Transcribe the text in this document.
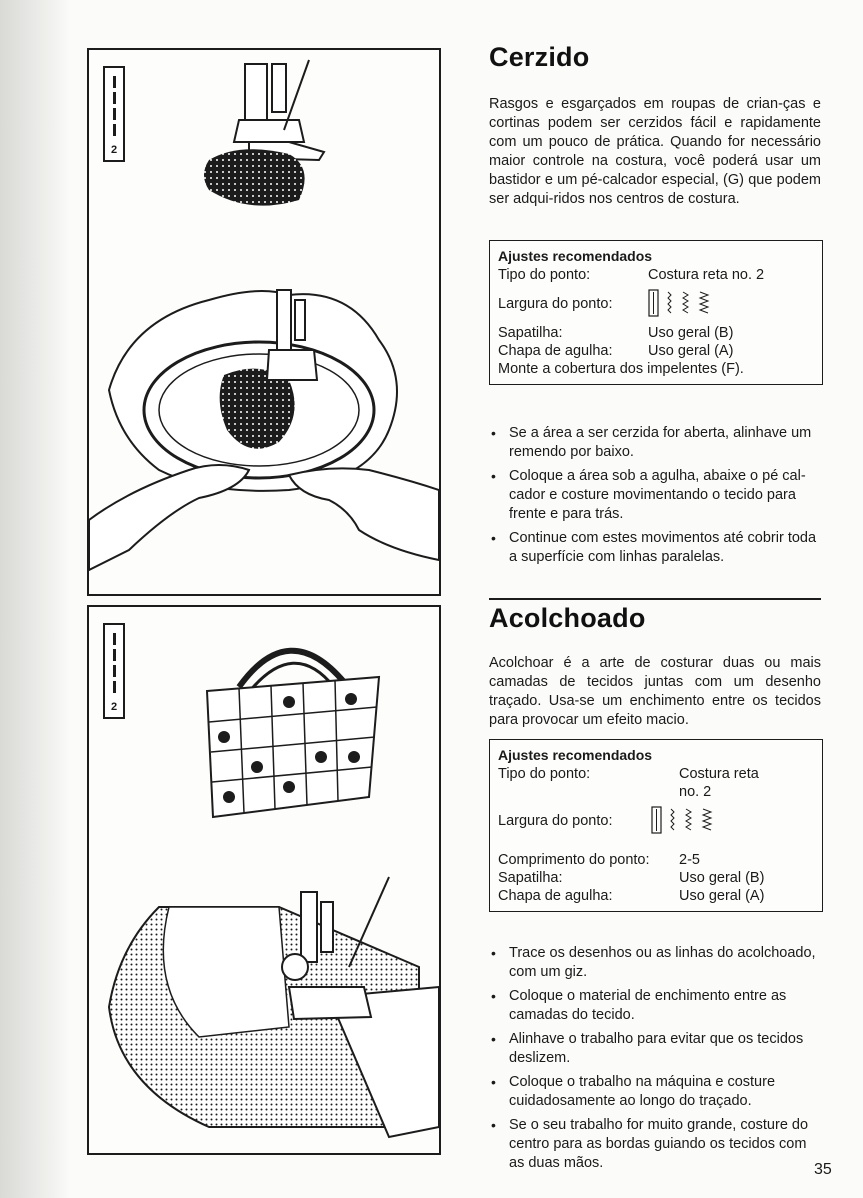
2
2
Cerzido

Rasgos e esgarçados em roupas de crian-ças e cortinas podem ser cerzidos fácil e rapidamente com um pouco de prática. Quando for necessário maior controle na costura, você poderá usar um bastidor e um pé-calcador especial, (G) que podem ser adqui-ridos nos centros de costura.

Ajustes recomendados
Tipo do ponto:	Costura reta no. 2
Largura do ponto:
Sapatilha:	Uso geral (B)
Chapa de agulha: Uso geral (A)
Monte a cobertura dos impelentes (F).
• Se a área a ser cerzida for aberta, alinhave um remendo por baixo.
• Coloque a área sob a agulha, abaixe o pé cal-cador e costure movimentando o tecido para frente e para trás.
• Continue com estes movimentos até cobrir toda a superfície com linhas paralelas.
Acolchoado

Acolchoar é a arte de costurar duas ou mais camadas de tecidos juntas com um desenho traçado. Usa-se um enchimento entre os tecidos para provocar um efeito macio.

Ajustes recomendados
Tipo do ponto:	Costura reta
no. 2
Largura do ponto:
Comprimento do ponto: 2-5
Sapatilha:	Uso geral (B)
Chapa de agulha:	Uso geral (A)
• Trace os desenhos ou as linhas do acolchoado, com um giz.
• Coloque o material de enchimento entre as camadas do tecido.
• Alinhave o trabalho para evitar que os tecidos deslizem.
• Coloque o trabalho na máquina e costure cuidadosamente ao longo do traçado.
• Se o seu trabalho for muito grande, costure do centro para as bordas guiando os tecidos com as duas mãos.	35
